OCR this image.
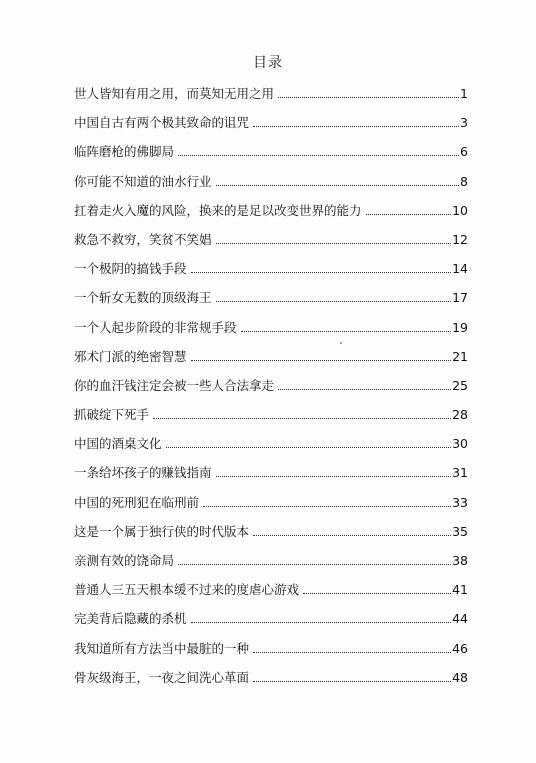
目录
世人皆知有用之用，而莫知无用之用	1
中国自古有两个极其致命的诅咒	3
临阵磨枪的佛脚局	6
你可能不知道的油水行业	8
扛着走火入魔的风险，换来的是足以改变世界的能力	10
救急不救穷，笑贫不笑娼	12
一个极阴的搞钱手段	14
一个斩女无数的顶级海王	17
一个人起步阶段的非常规手段	19
邪术门派的绝密智慧	21
你的血汗钱注定会被一些人合法拿走	25
抓破绽下死手	28
中国的酒桌文化	30
一条给坏孩子的赚钱指南	31
中国的死刑犯在临刑前	33
这是一个属于独行侠的时代版本	35
亲测有效的饶命局	38
普通人三五天根本缓不过来的度虐心游戏	41
完美背后隐藏的杀机	44
我知道所有方法当中最脏的一种	46
骨灰级海王，一夜之间洗心革面	48
